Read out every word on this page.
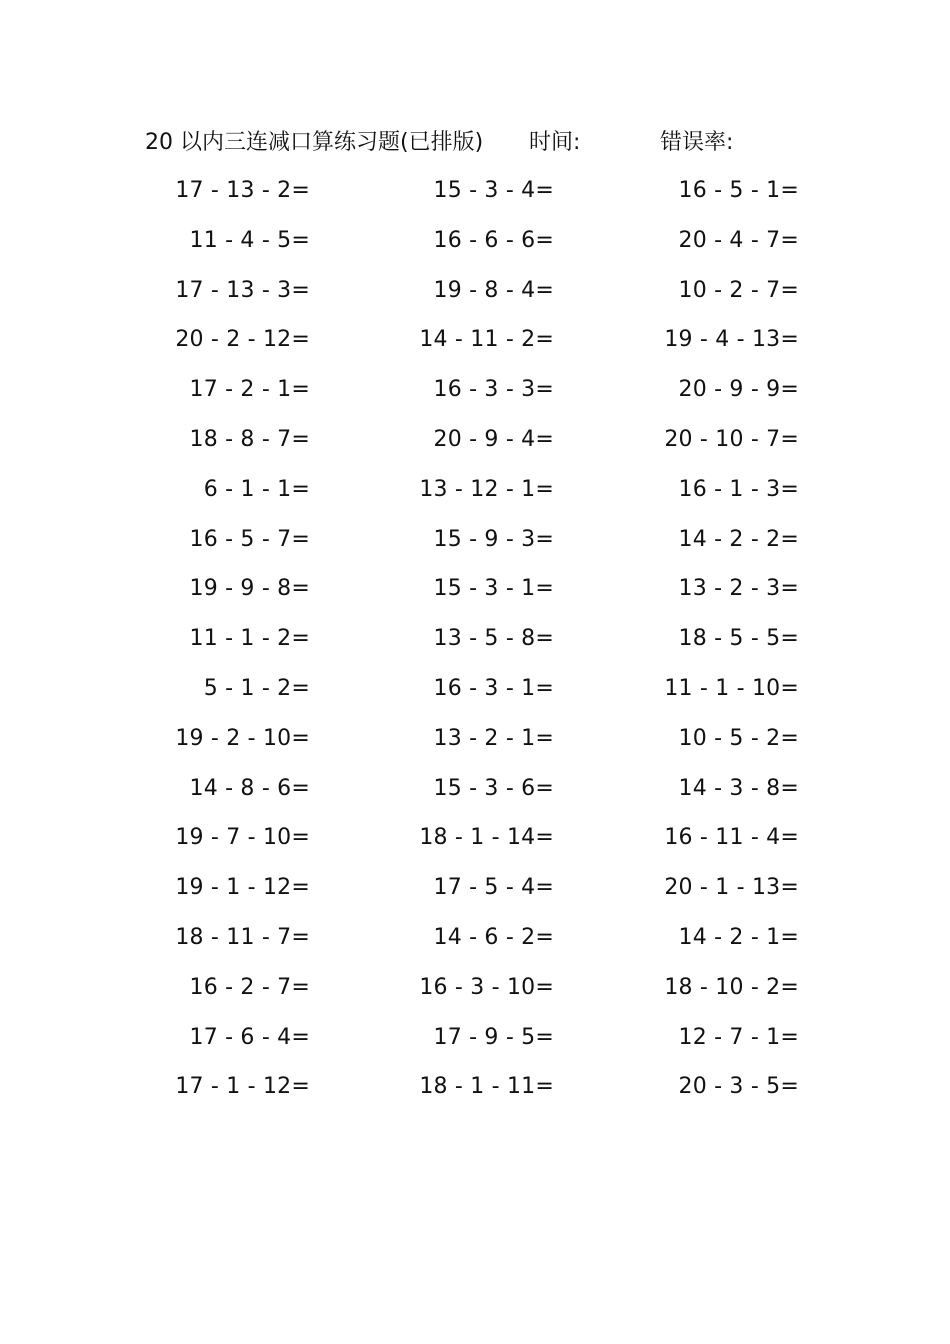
20 以内三连减口算练习题(已排版) 时间:	错误率:
17 - 13 - 2=
11 - 4 - 5=
17 - 13 - 3=
20 - 2 - 12=
17 - 2 - 1=
18 - 8 - 7=
6 - 1 - 1=
16 - 5 - 7=
19 - 9 - 8=
11 - 1 - 2=
5 - 1 - 2=
19 - 2 - 10=
14 - 8 - 6=
19 - 7 - 10=
19 - 1 - 12=
18 - 11 - 7=
16 - 2 - 7=
17 - 6 - 4=
17 - 1 - 12=
15 - 3 - 4=
16 - 6 - 6=
19 - 8 - 4=
14 - 11 - 2=
16 - 3 - 3=
20 - 9 - 4=
13 - 12 - 1=
15 - 9 - 3=
15 - 3 - 1=
13 - 5 - 8=
16 - 3 - 1=
13 - 2 - 1=
15 - 3 - 6=
18 - 1 - 14=
17 - 5 - 4=
14 - 6 - 2=
16 - 3 - 10=
17 - 9 - 5=
18 - 1 - 11=
16 - 5 - 1=
20 - 4 - 7=
10 - 2 - 7=
19 - 4 - 13=
20 - 9 - 9=
20 - 10 - 7=
16 - 1 - 3=
14 - 2 - 2=
13 - 2 - 3=
18 - 5 - 5=
11 - 1 - 10=
10 - 5 - 2=
14 - 3 - 8=
16 - 11 - 4=
20 - 1 - 13=
14 - 2 - 1=
18 - 10 - 2=
12 - 7 - 1=
20 - 3 - 5=
